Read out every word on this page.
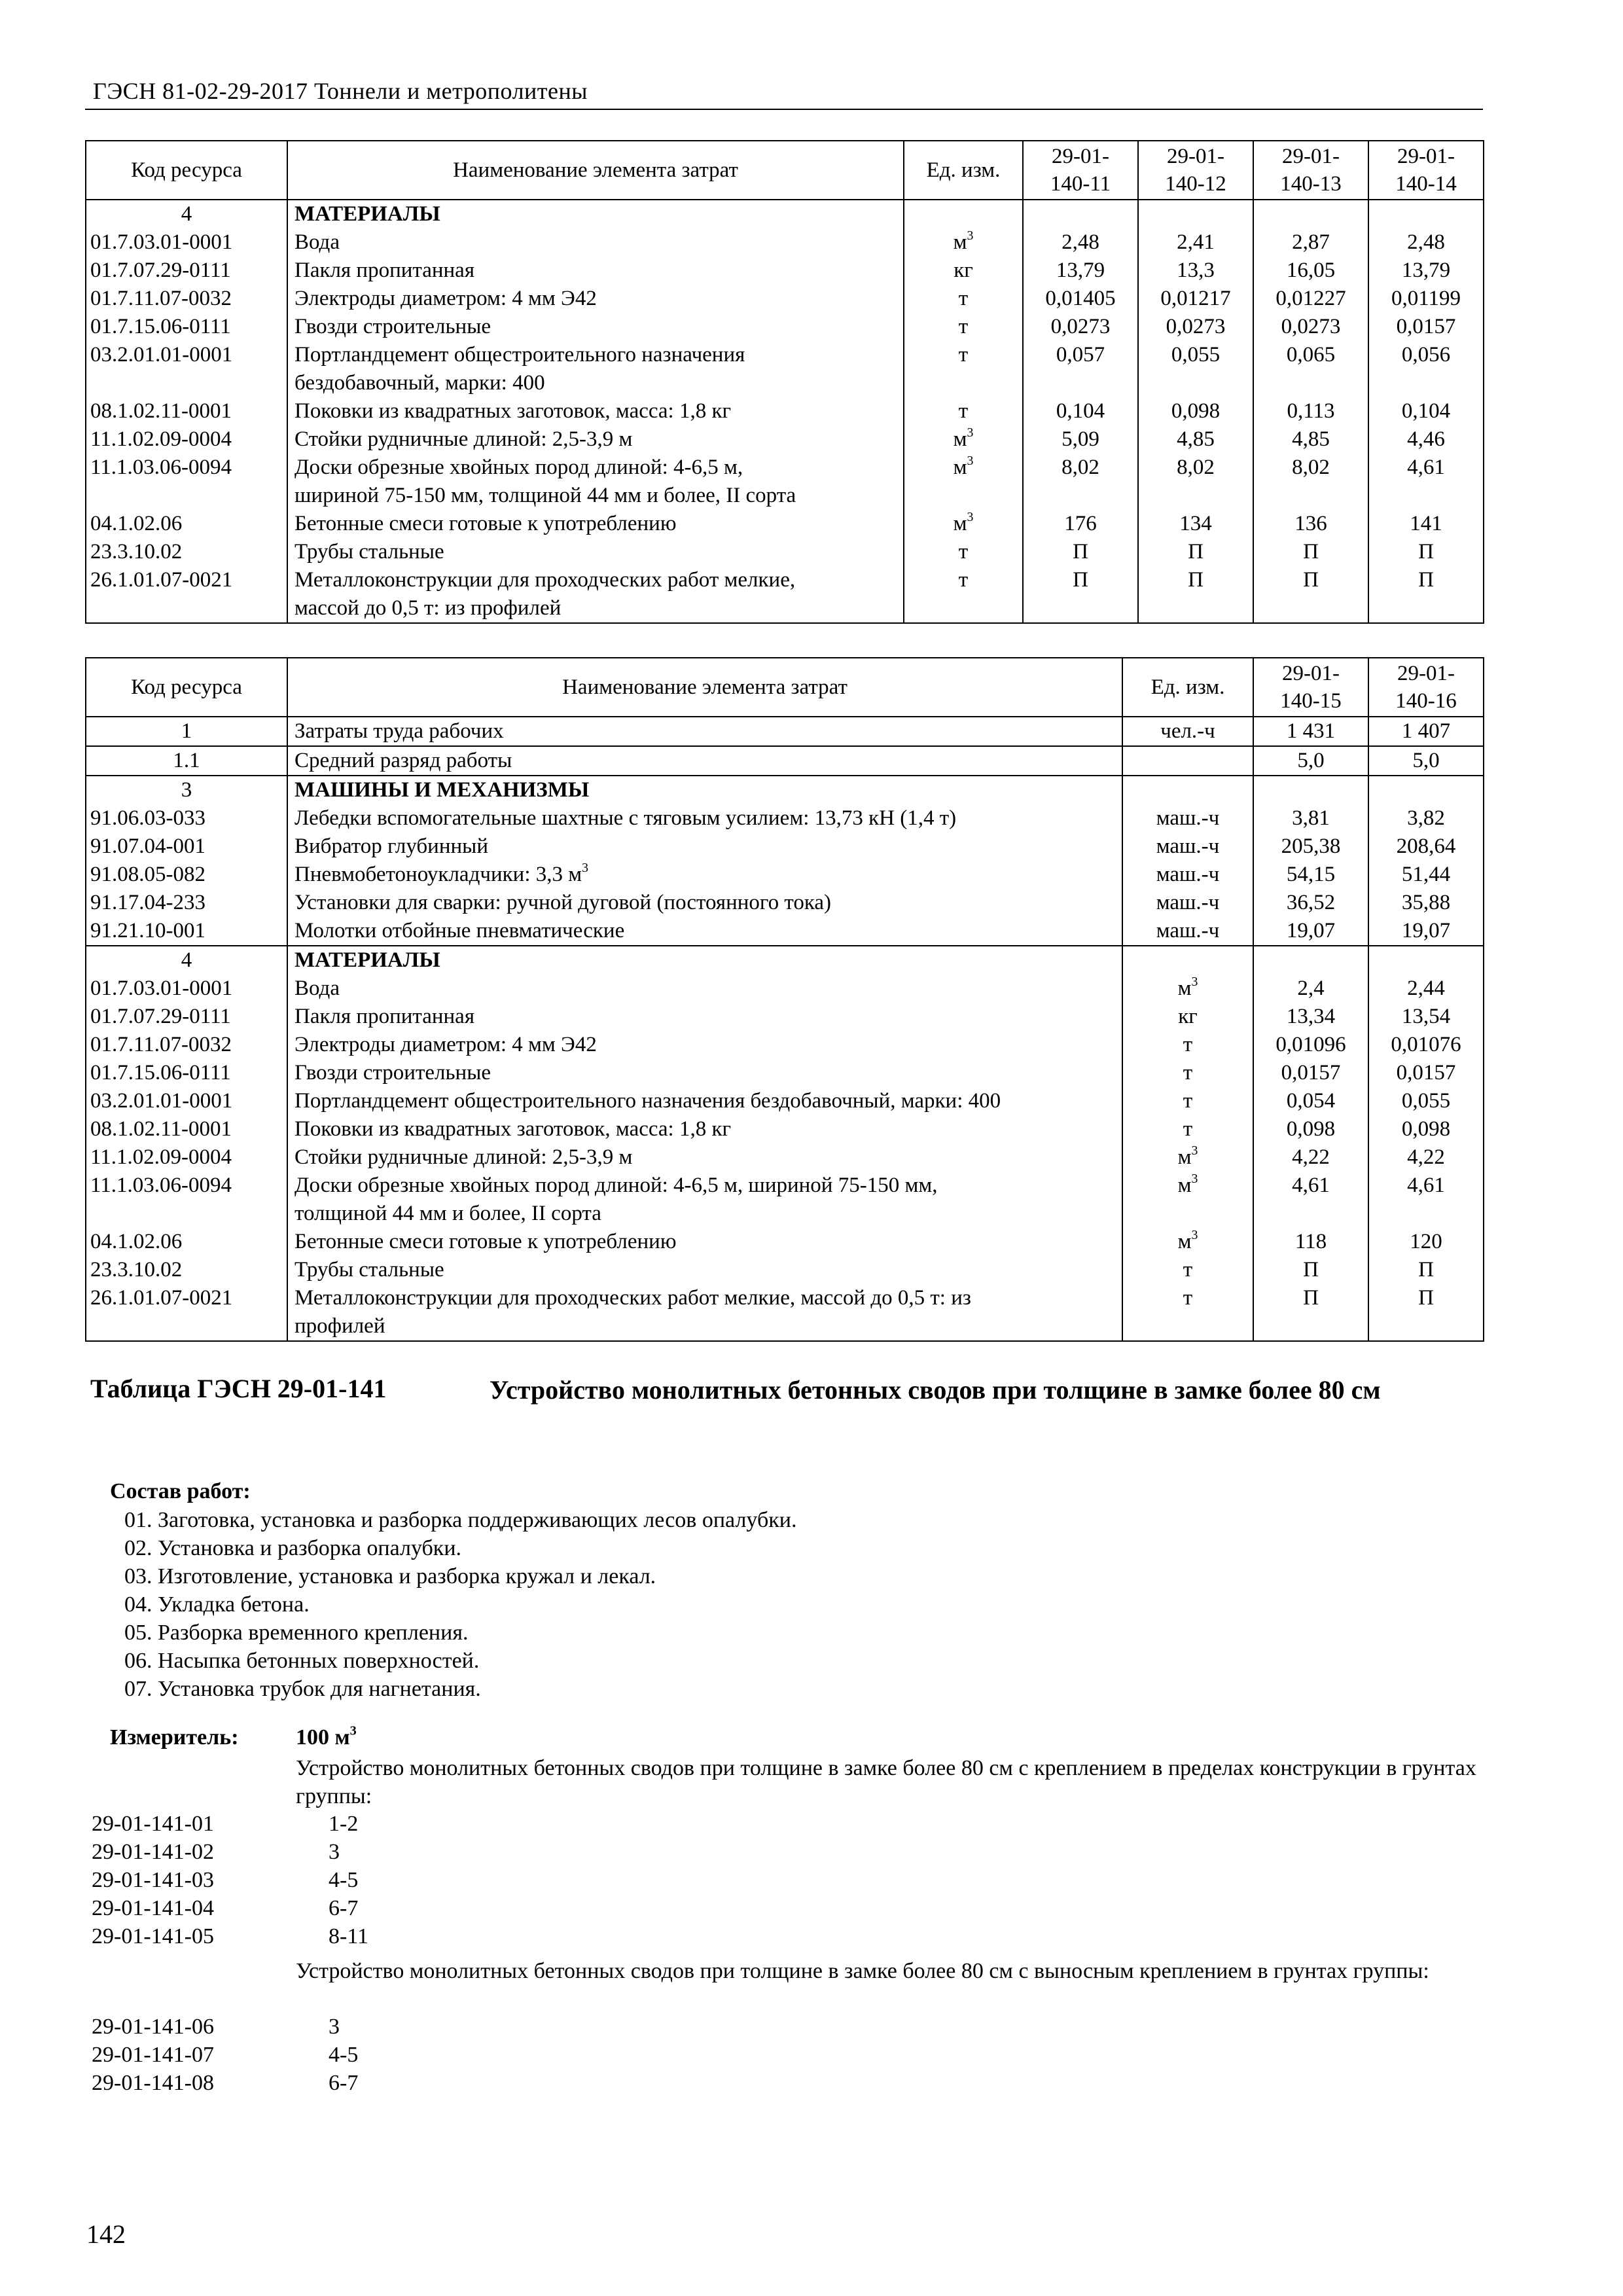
ГЭСН 81-02-29-2017 Тоннели и метрополитены
Код ресурса	Наименование элемента затрат	Ед. изм.	29-01-
140-11	29-01-
140-12	29-01-
140-13	29-01-
140-14
4	МАТЕРИАЛЫ					
01.7.03.01-0001	Вода	$м^3$	2,48	2,41	2,87	2,48
01.7.07.29-0111	Пакля пропитанная	кг	13,79	13,3	16,05	13,79
01.7.11.07-0032	Электроды диаметром: 4 мм Э42	т	0,01405	0,01217	0,01227	0,01199
01.7.15.06-0111	Гвозди строительные	т	0,0273	0,0273	0,0273	0,0157
03.2.01.01-0001	Портландцемент общестроительного назначения
бездобавочный, марки: 400	т	0,057	0,055	0,065	0,056
08.1.02.11-0001	Поковки из квадратных заготовок, масса: 1,8 кг	т	0,104	0,098	0,113	0,104
11.1.02.09-0004	Стойки рудничные длиной: 2,5-3,9 м	$м^3$	5,09	4,85	4,85	4,46
11.1.03.06-0094	Доски обрезные хвойных пород длиной: 4-6,5 м,
шириной 75-150 мм, толщиной 44 мм и более, II сорта	$м^3$	8,02	8,02	8,02	4,61
04.1.02.06	Бетонные смеси готовые к употреблению	$м^3$	176	134	136	141
23.3.10.02	Трубы стальные	т	П	П	П	П
26.1.01.07-0021	Металлоконструкции для проходческих работ мелкие,
массой до 0,5 т: из профилей	т	П	П	П	П
Код ресурса	Наименование элемента затрат	Ед. изм.	29-01-
140-15	29-01-
140-16
1	Затраты труда рабочих	чел.-ч	1 431	1 407
1.1	Средний разряд работы		5,0	5,0
3	МАШИНЫ И МЕХАНИЗМЫ			
91.06.03-033	Лебедки вспомогательные шахтные с тяговым усилием: 13,73 кН (1,4 т)	маш.-ч	3,81	3,82
91.07.04-001	Вибратор глубинный	маш.-ч	205,38	208,64
91.08.05-082	Пневмобетоноукладчики: 3,3 $м^3$	маш.-ч	54,15	51,44
91.17.04-233	Установки для сварки: ручной дуговой (постоянного тока)	маш.-ч	36,52	35,88
91.21.10-001	Молотки отбойные пневматические	маш.-ч	19,07	19,07
4	МАТЕРИАЛЫ			
01.7.03.01-0001	Вода	$м^3$	2,4	2,44
01.7.07.29-0111	Пакля пропитанная	кг	13,34	13,54
01.7.11.07-0032	Электроды диаметром: 4 мм Э42	т	0,01096	0,01076
01.7.15.06-0111	Гвозди строительные	т	0,0157	0,0157
03.2.01.01-0001	Портландцемент общестроительного назначения бездобавочный, марки: 400	т	0,054	0,055
08.1.02.11-0001	Поковки из квадратных заготовок, масса: 1,8 кг	т	0,098	0,098
11.1.02.09-0004	Стойки рудничные длиной: 2,5-3,9 м	$м^3$	4,22	4,22
11.1.03.06-0094	Доски обрезные хвойных пород длиной: 4-6,5 м, шириной 75-150 мм,
толщиной 44 мм и более, II сорта	$м^3$	4,61	4,61
04.1.02.06	Бетонные смеси готовые к употреблению	$м^3$	118	120
23.3.10.02	Трубы стальные	т	П	П
26.1.01.07-0021	Металлоконструкции для проходческих работ мелкие, массой до 0,5 т: из
профилей	т	П	П
Таблица ГЭСН 29-01-141	Устройство монолитных бетонных сводов при толщине в замке более 80 см
Состав работ:
01. Заготовка, установка и разборка поддерживающих лесов опалубки.
02. Установка и разборка опалубки.
03. Изготовление, установка и разборка кружал и лекал.
04. Укладка бетона.
05. Разборка временного крепления.
06. Насыпка бетонных поверхностей.
07. Установка трубок для нагнетания.
Измеритель:	100 $м^3$
Устройство монолитных бетонных сводов при толщине в замке более 80 см с креплением в пределах конструкции в грунтах группы:
29-01-141-01	1-2
29-01-141-02	3
29-01-141-03	4-5
29-01-141-04	6-7
29-01-141-05	8-11
Устройство монолитных бетонных сводов при толщине в замке более 80 см с выносным креплением в грунтах группы:
29-01-141-06	3
29-01-141-07	4-5
29-01-141-08	6-7
142
